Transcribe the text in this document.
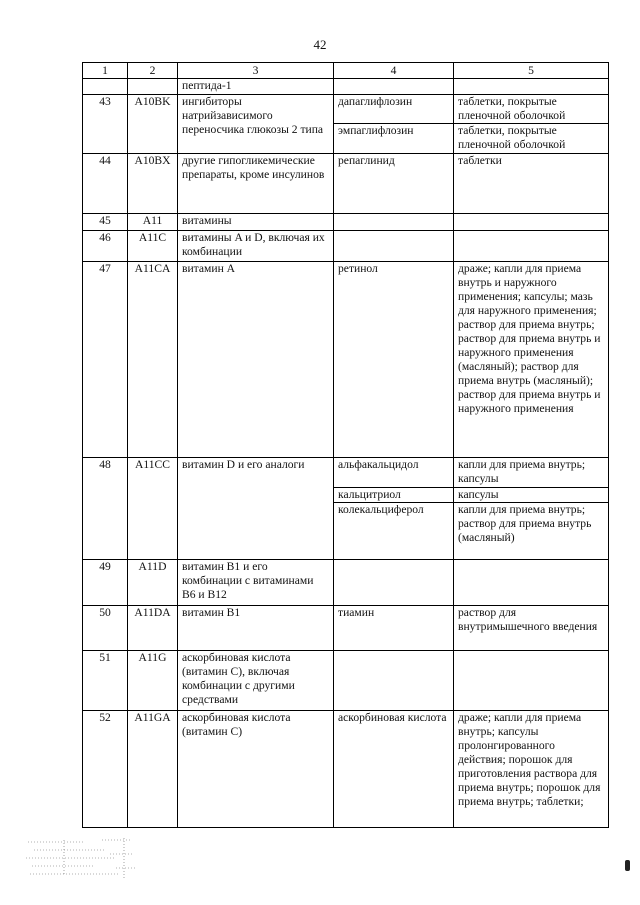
42
1	2	3	4	5
		пептида-1		
43	A10BK	ингибиторы натрийзависимого переносчика глюкозы 2 типа	дапаглифлозин	таблетки, покрытые пленочной оболочкой
			эмпаглифлозин	таблетки, покрытые пленочной оболочкой
44	A10BX	другие гипогликемические препараты, кроме инсулинов	репаглинид	таблетки
45	A11	витамины		
46	A11C	витамины A и D, включая их комбинации		
47	A11CA	витамин A	ретинол	драже; капли для приема внутрь и наружного применения; капсулы; мазь для наружного применения; раствор для приема внутрь; раствор для приема внутрь и наружного применения (масляный); раствор для приема внутрь (масляный); раствор для приема внутрь и наружного применения
48	A11CC	витамин D и его аналоги	альфакальцидол	капли для приема внутрь; капсулы
			кальцитриол	капсулы
			колекальциферол	капли для приема внутрь; раствор для приема внутрь (масляный)
49	A11D	витамин B1 и его комбинации с витаминами B6 и B12		
50	A11DA	витамин B1	тиамин	раствор для внутримышечного введения
51	A11G	аскорбиновая кислота (витамин C), включая комбинации с другими средствами		
52	A11GA	аскорбиновая кислота (витамин C)	аскорбиновая кислота	драже; капли для приема внутрь; капсулы пролонгированного действия; порошок для приготовления раствора для приема внутрь; порошок для приема внутрь; таблетки;
